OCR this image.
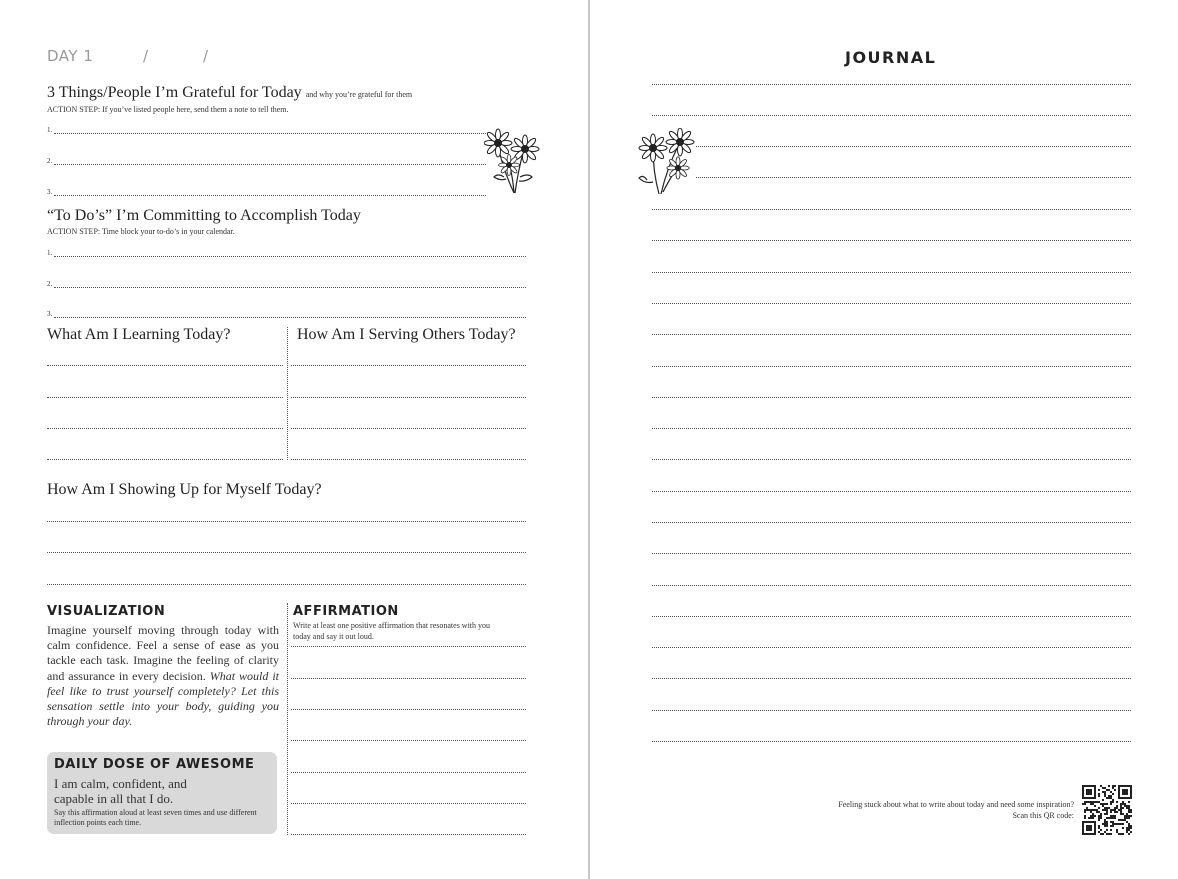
DAY 1	/	/
3 Things/People I’m Grateful for Today and why you’re grateful for them
ACTION STEP: If you’ve listed people here, send them a note to tell them.
1.
2.
3.
“To Do’s” I’m Committing to Accomplish Today
ACTION STEP: Time block your to-do’s in your calendar.
1.
2.
3.
What Am I Learning Today?	How Am I Serving Others Today?
How Am I Showing Up for Myself Today?
VISUALIZATION
Imagine yourself moving through today with calm confidence. Feel a sense of ease as you tackle each task. Imagine the feeling of clarity and assurance in every decision. What would it feel like to trust yourself completely? Let this sensation settle into your body, guiding you through your day.
DAILY DOSE OF AWESOME
I am calm, confident, and
capable in all that I do.
Say this affirmation aloud at least seven times and use different inflection points each time.
AFFIRMATION
Write at least one positive affirmation that resonates with you today and say it out loud.
JOURNAL
Feeling stuck about what to write about today and need some inspiration?
Scan this QR code:
